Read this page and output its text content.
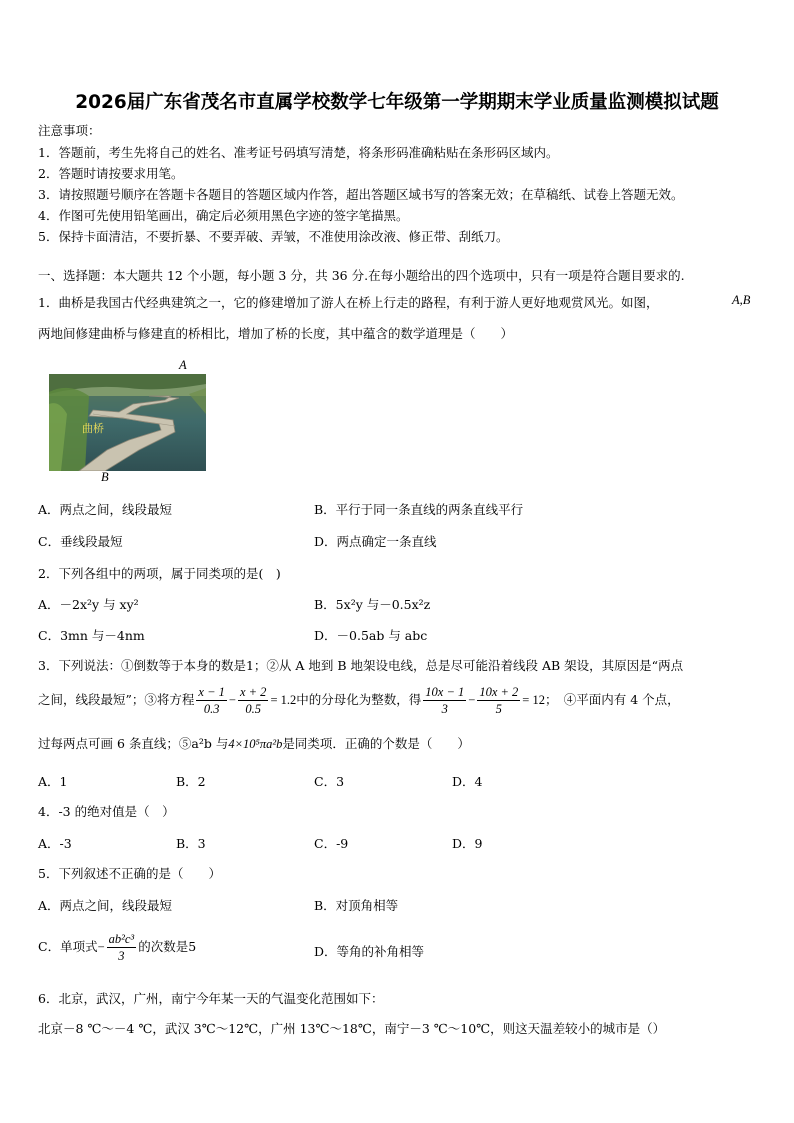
2026届广东省茂名市直属学校数学七年级第一学期期末学业质量监测模拟试题
注意事项：
1．答题前，考生先将自己的姓名、准考证号码填写清楚，将条形码准确粘贴在条形码区域内。
2．答题时请按要求用笔。
3．请按照题号顺序在答题卡各题目的答题区域内作答，超出答题区域书写的答案无效；在草稿纸、试卷上答题无效。
4．作图可先使用铅笔画出，确定后必须用黑色字迹的签字笔描黑。
5．保持卡面清洁，不要折暴、不要弄破、弄皱，不准使用涂改液、修正带、刮纸刀。
一、选择题：本大题共 12 个小题，每小题 3 分，共 36 分.在每小题给出的四个选项中，只有一项是符合题目要求的.
1．曲桥是我国古代经典建筑之一，它的修建增加了游人在桥上行走的路程，有利于游人更好地观赏风光。如图，	A,B
两地间修建曲桥与修建直的桥相比，增加了桥的长度，其中蕴含的数学道理是（　　）
A
曲桥
B
A．两点之间，线段最短	B．平行于同一条直线的两条直线平行
C．垂线段最短	D．两点确定一条直线
2．下列各组中的两项，属于同类项的是(　)
A．－2x²y 与 xy²	B．5x²y 与－0.5x²z
C．3mn 与－4nm	D．－0.5ab 与 abc
3．下列说法：①倒数等于本身的数是1；②从 A 地到 B 地架设电线，总是尽可能沿着线段 AB 架设，其原因是“两点
之间，线段最短”；③将方程 $\frac{x - 1}{0.3} - \frac{x + 2}{0.5} = 1.2$中的分母化为整数，得 $\frac{10x - 1}{3} - \frac{10x + 2}{5} = 12$；　④平面内有 4 个点，
过每两点可画 6 条直线；⑤a²b 与4×10⁵πa²b是同类项．正确的个数是（　　）
A．1	B．2	C．3	D．4
4．-3 的绝对值是（　）
A．-3	B．3	C．-9	D．9
5．下列叙述不正确的是（　　）
A．两点之间，线段最短	B．对顶角相等
C．单项式− $\frac{\text{ab²c³}}{3}$ 的次数是5	D．等角的补角相等
6．北京，武汉，广州，南宁今年某一天的气温变化范围如下：
北京－8 ℃～－4 ℃，武汉 3℃～12℃，广州 13℃～18℃，南宁－3 ℃～10℃，则这天温差较小的城市是（）
